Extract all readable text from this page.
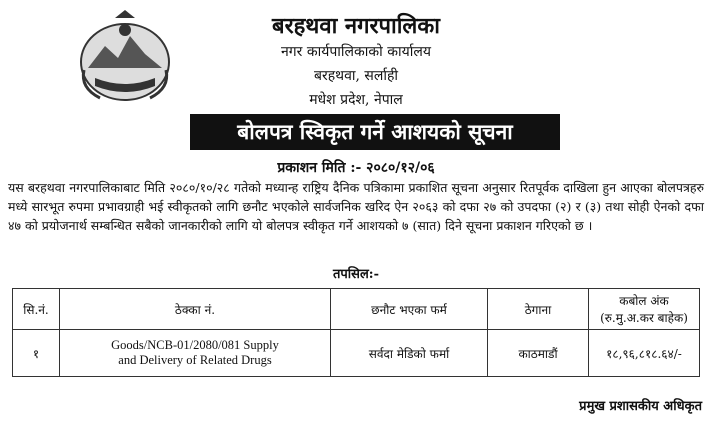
बरहथवा नगरपालिका
नगर कार्यपालिकाको कार्यालय
बरहथवा, सर्लाही
मधेश प्रदेश, नेपाल
बोलपत्र स्विकृत गर्ने आशयको सूचना
प्रकाशन मिति :- २०८०/१२/०६
यस बरहथवा नगरपालिकाबाट मिति २०८०/१०/२८ गतेको मध्यान्ह राष्ट्रिय दैनिक पत्रिकामा प्रकाशित सूचना अनुसार रितपूर्वक दाखिला हुन आएका बोलपत्रहरु मध्ये सारभूत रुपमा प्रभावग्राही भई स्वीकृतको लागि छनौट भएकोले सार्वजनिक खरिद ऐन २०६३ को दफा २७ को उपदफा (२) र (३) तथा सोही ऐनको दफा ४७ को प्रयोजनार्थ सम्बन्धित सबैको जानकारीको लागि यो बोलपत्र स्वीकृत गर्ने आशयको ७ (सात) दिने सूचना प्रकाशन गरिएको छ ।
तपसिल:-
सि.नं.	ठेक्का नं.	छनौट भएका फर्म	ठेगाना	कबोल अंक
(रु.मु.अ.कर बाहेक)

१	Goods/NCB-01/2080/081 Supply
and Delivery of Related Drugs	सर्वदा मेडिको फर्मा	काठमाडौं	१८,९६,८१८.६४/-
प्रमुख प्रशासकीय अधिकृत
